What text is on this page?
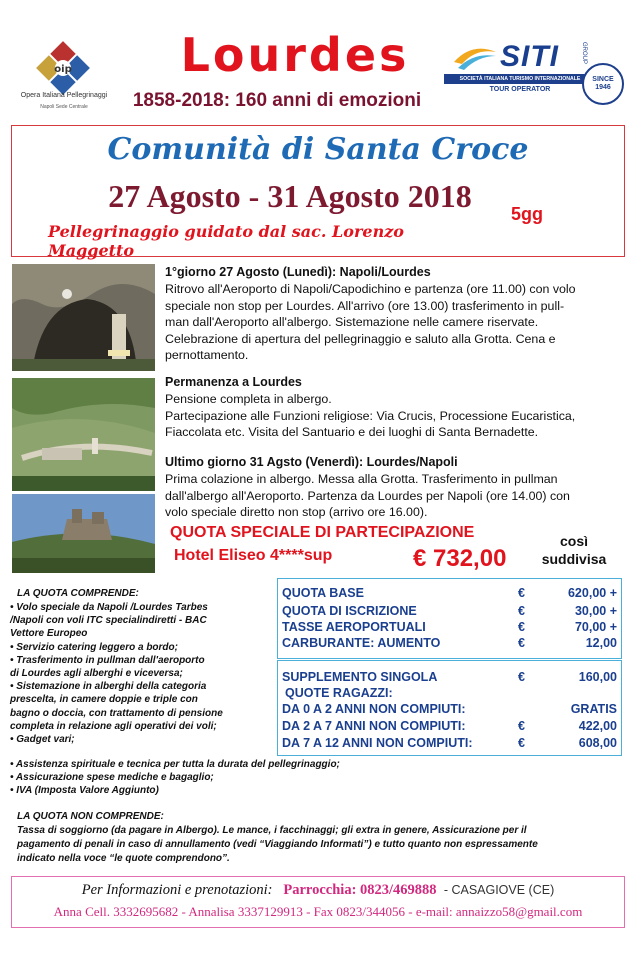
oip
Opera Italiana Pellegrinaggi
Napoli Sede Centrale
Lourdes
1858-2018: 160 anni di emozioni
SITI	GROUP
SOCIETÀ ITALIANA TURISMO INTERNAZIONALE
TOUR OPERATOR
SINCE
1946
Comunità di Santa Croce
27 Agosto - 31 Agosto 2018	5gg
Pellegrinaggio guidato dal sac. Lorenzo Maggetto
1°giorno 27 Agosto (Lunedì): Napoli/Lourdes
Ritrovo all'Aeroporto di Napoli/Capodichino e partenza (ore 11.00) con volo
speciale non stop per Lourdes. All'arrivo (ore 13.00) trasferimento in pull-
man dall'Aeroporto all'albergo. Sistemazione nelle camere riservate.
Celebrazione di apertura del pellegrinaggio e saluto alla Grotta. Cena e
pernottamento.
Permanenza a Lourdes
Pensione completa in albergo.
Partecipazione alle Funzioni religiose: Via Crucis, Processione Eucaristica,
Fiaccolata etc. Visita del Santuario e dei luoghi di Santa Bernadette.
Ultimo giorno 31 Agsto (Venerdì): Lourdes/Napoli
Prima colazione in albergo. Messa alla Grotta. Trasferimento in pullman
dall'albergo all'Aeroporto. Partenza da Lourdes per Napoli (ore 14.00) con
volo speciale diretto non stop (arrivo ore 16.00).
QUOTA SPECIALE DI PARTECIPAZIONE
Hotel Eliseo 4****sup	€ 732,00
così
suddivisa
LA QUOTA COMPRENDE:
• Volo speciale da Napoli /Lourdes Tarbes
/Napoli con voli ITC specialindiretti - BAC
Vettore Europeo
• Servizio catering leggero a bordo;
• Trasferimento in pullman dall'aeroporto
di Lourdes agli alberghi e viceversa;
• Sistemazione in alberghi della categoria
prescelta, in camere doppie e triple con
bagno o doccia, con trattamento di pensione
completa in relazione agli operativi dei voli;
• Gadget vari;
• Assistenza spirituale e tecnica per tutta la durata del pellegrinaggio;
• Assicurazione spese mediche e bagaglio;
• IVA (Imposta Valore Aggiunto)
QUOTA BASE	€	620,00 +
QUOTA DI ISCRIZIONE	€	30,00 +
TASSE AEROPORTUALI	€	70,00 +
CARBURANTE: AUMENTO	€	12,00
SUPPLEMENTO SINGOLA	€	160,00
QUOTE RAGAZZI:
DA 0 A 2 ANNI NON COMPIUTI:	GRATIS
DA 2 A 7 ANNI NON COMPIUTI:	€	422,00
DA 7 A 12 ANNI NON COMPIUTI:	€	608,00
LA QUOTA NON COMPRENDE:
Tassa di soggiorno (da pagare in Albergo). Le mance, i facchinaggi; gli extra in genere, Assicurazione per il
pagamento di penali in caso di annullamento (vedi “Viaggiando Informati”) e tutto quanto non espressamente
indicato nella voce “le quote comprendono”.
Per Informazioni e prenotazioni: Parrocchia: 0823/469888 - CASAGIOVE (CE)
Anna Cell. 3332695682 - Annalisa 3337129913 - Fax 0823/344056 - e-mail: annaizzo58@gmail.com
